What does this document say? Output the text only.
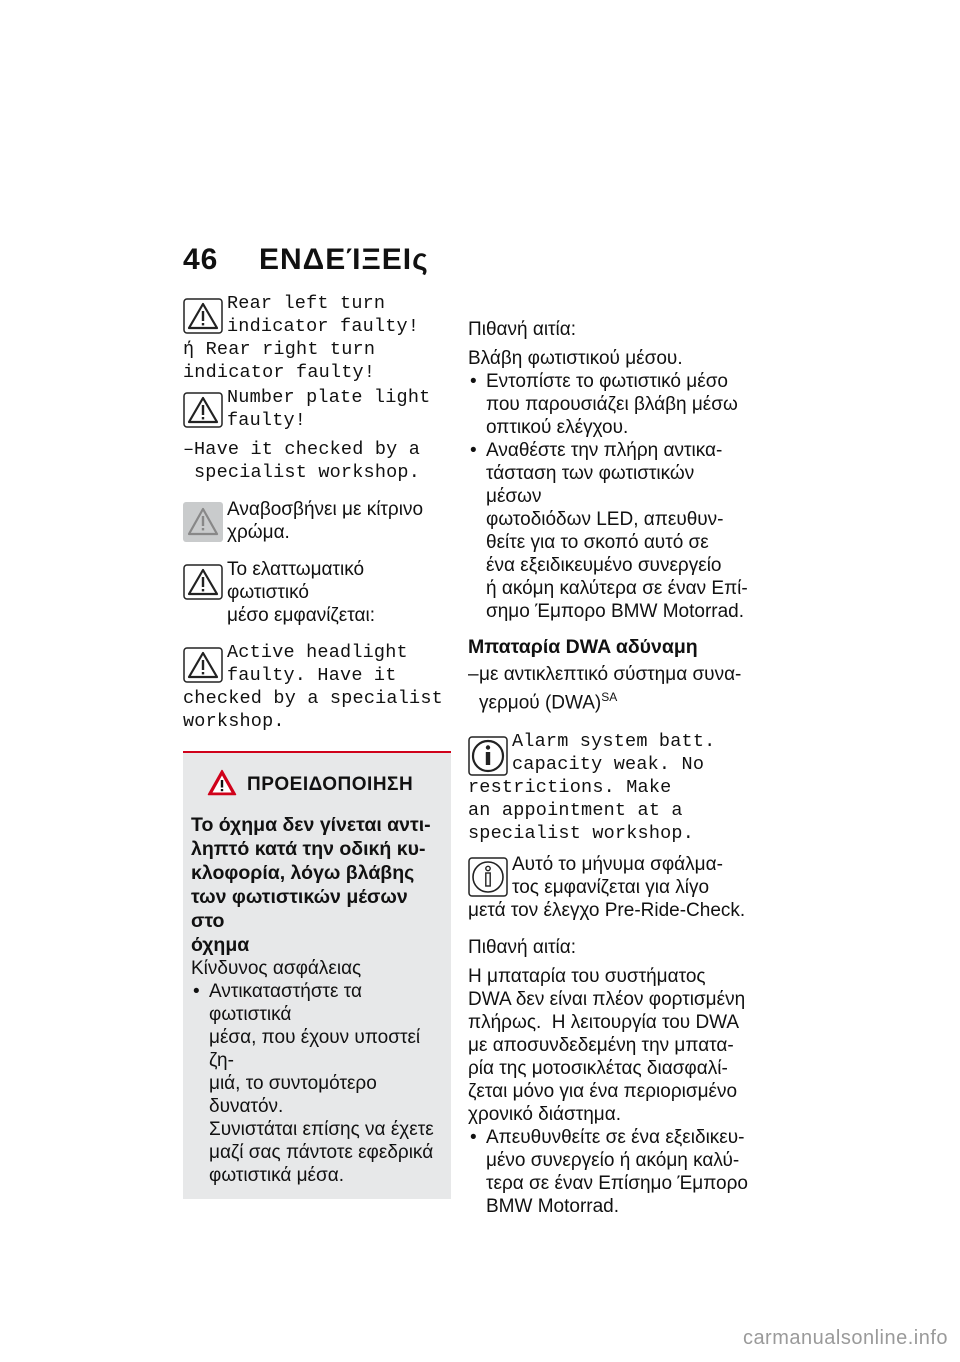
46 ΕΝΔΕΊΞΕΙς
Rear left turn
indicator faulty!
ή Rear right turn
indicator faulty!
Number plate light
faulty!
– Have it checked by a
specialist workshop.
Αναβοσβήνει με κίτρινο
χρώμα.
Το ελαττωματικό φωτιστικό
μέσο εμφανίζεται:
Active headlight
faulty. Have it
checked by a specialist
workshop.
ΠΡΟΕΙΔΟΠΟΙΗΣΗ
Το όχημα δεν γίνεται αντι-
ληπτό κατά την οδική κυ-
κλοφορία, λόγω βλάβης
των φωτιστικών μέσων στο
όχημα
Κίνδυνος ασφάλειας
• Αντικαταστήστε τα φωτιστικά
μέσα, που έχουν υποστεί ζη-
μιά, το συντομότερο δυνατόν.
Συνιστάται επίσης να έχετε
μαζί σας πάντοτε εφεδρικά
φωτιστικά μέσα.
Πιθανή αιτία:
Βλάβη φωτιστικού μέσου.
• Εντοπίστε το φωτιστικό μέσο
που παρουσιάζει βλάβη μέσω
οπτικού ελέγχου.
• Αναθέστε την πλήρη αντικα-
τάσταση των φωτιστικών μέσων
φωτοδιόδων LED, απευθυν-
θείτε για το σκοπό αυτό σε
ένα εξειδικευμένο συνεργείο
ή ακόμη καλύτερα σε έναν Επί-
σημο Έμπορο BMW Motorrad.
Μπαταρία DWA αδύναμη
– με αντικλεπτικό σύστημα συνα-
γερμού (DWA)$^{SA}$
Alarm system batt.
capacity weak. No
restrictions. Make
an appointment at a
specialist workshop.
Αυτό το μήνυμα σφάλμα-
τος εμφανίζεται για λίγο
μετά τον έλεγχο Pre-Ride-Check.
Πιθανή αιτία:
Η μπαταρία του συστήματος
DWA δεν είναι πλέον φορτισμένη
πλήρως.  Η λειτουργία του DWA
με αποσυνδεδεμένη την μπατα-
ρία της μοτοσικλέτας διασφαλί-
ζεται μόνο για ένα περιορισμένο
χρονικό διάστημα.
• Απευθυνθείτε σε ένα εξειδικευ-
μένο συνεργείο ή ακόμη καλύ-
τερα σε έναν Επίσημο Έμπορο
BMW Motorrad.
carmanualsonline.info
